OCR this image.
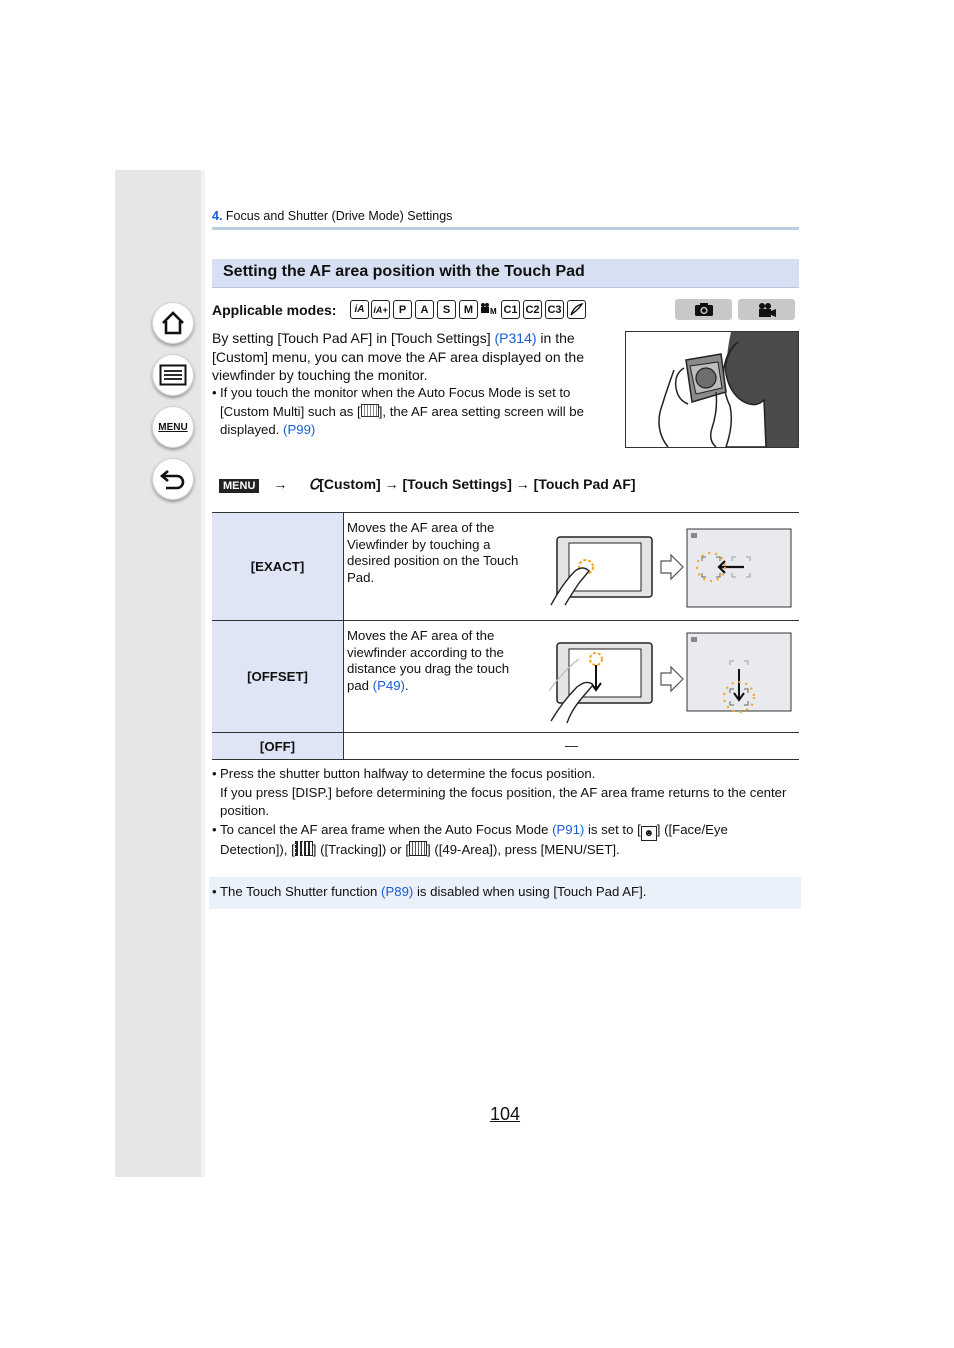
MENU
4. Focus and Shutter (Drive Mode) Settings
Setting the AF area position with the Touch Pad
Applicable modes: iA iA+	P	A	S	M	M C1 C2 C3
By setting [Touch Pad AF] in [Touch Settings] (P314) in the [Custom] menu, you can move the AF area displayed on the viewfinder by touching the monitor.
• If you touch the monitor when the Auto Focus Mode is set to [Custom Multi] such as [ ], the AF area setting screen will be displayed. (P99)
MENU → Ꮯ[Custom] → [Touch Settings] → [Touch Pad AF]
[EXACT]	Moves the AF area of the Viewfinder by touching a desired position on the Touch Pad.

[OFFSET]	Moves the AF area of the viewfinder according to the distance you drag the touch pad (P49).

[OFF]	—
• Press the shutter button halfway to determine the focus position.
If you press [DISP.] before determining the focus position, the AF area frame returns to the center position.
• To cancel the AF area frame when the Auto Focus Mode (P91) is set to [ ☻ ] ([Face/Eye Detection]), [ ] ([Tracking]) or [ ] ([49-Area]), press [MENU/SET].
• The Touch Shutter function (P89) is disabled when using [Touch Pad AF].
104
